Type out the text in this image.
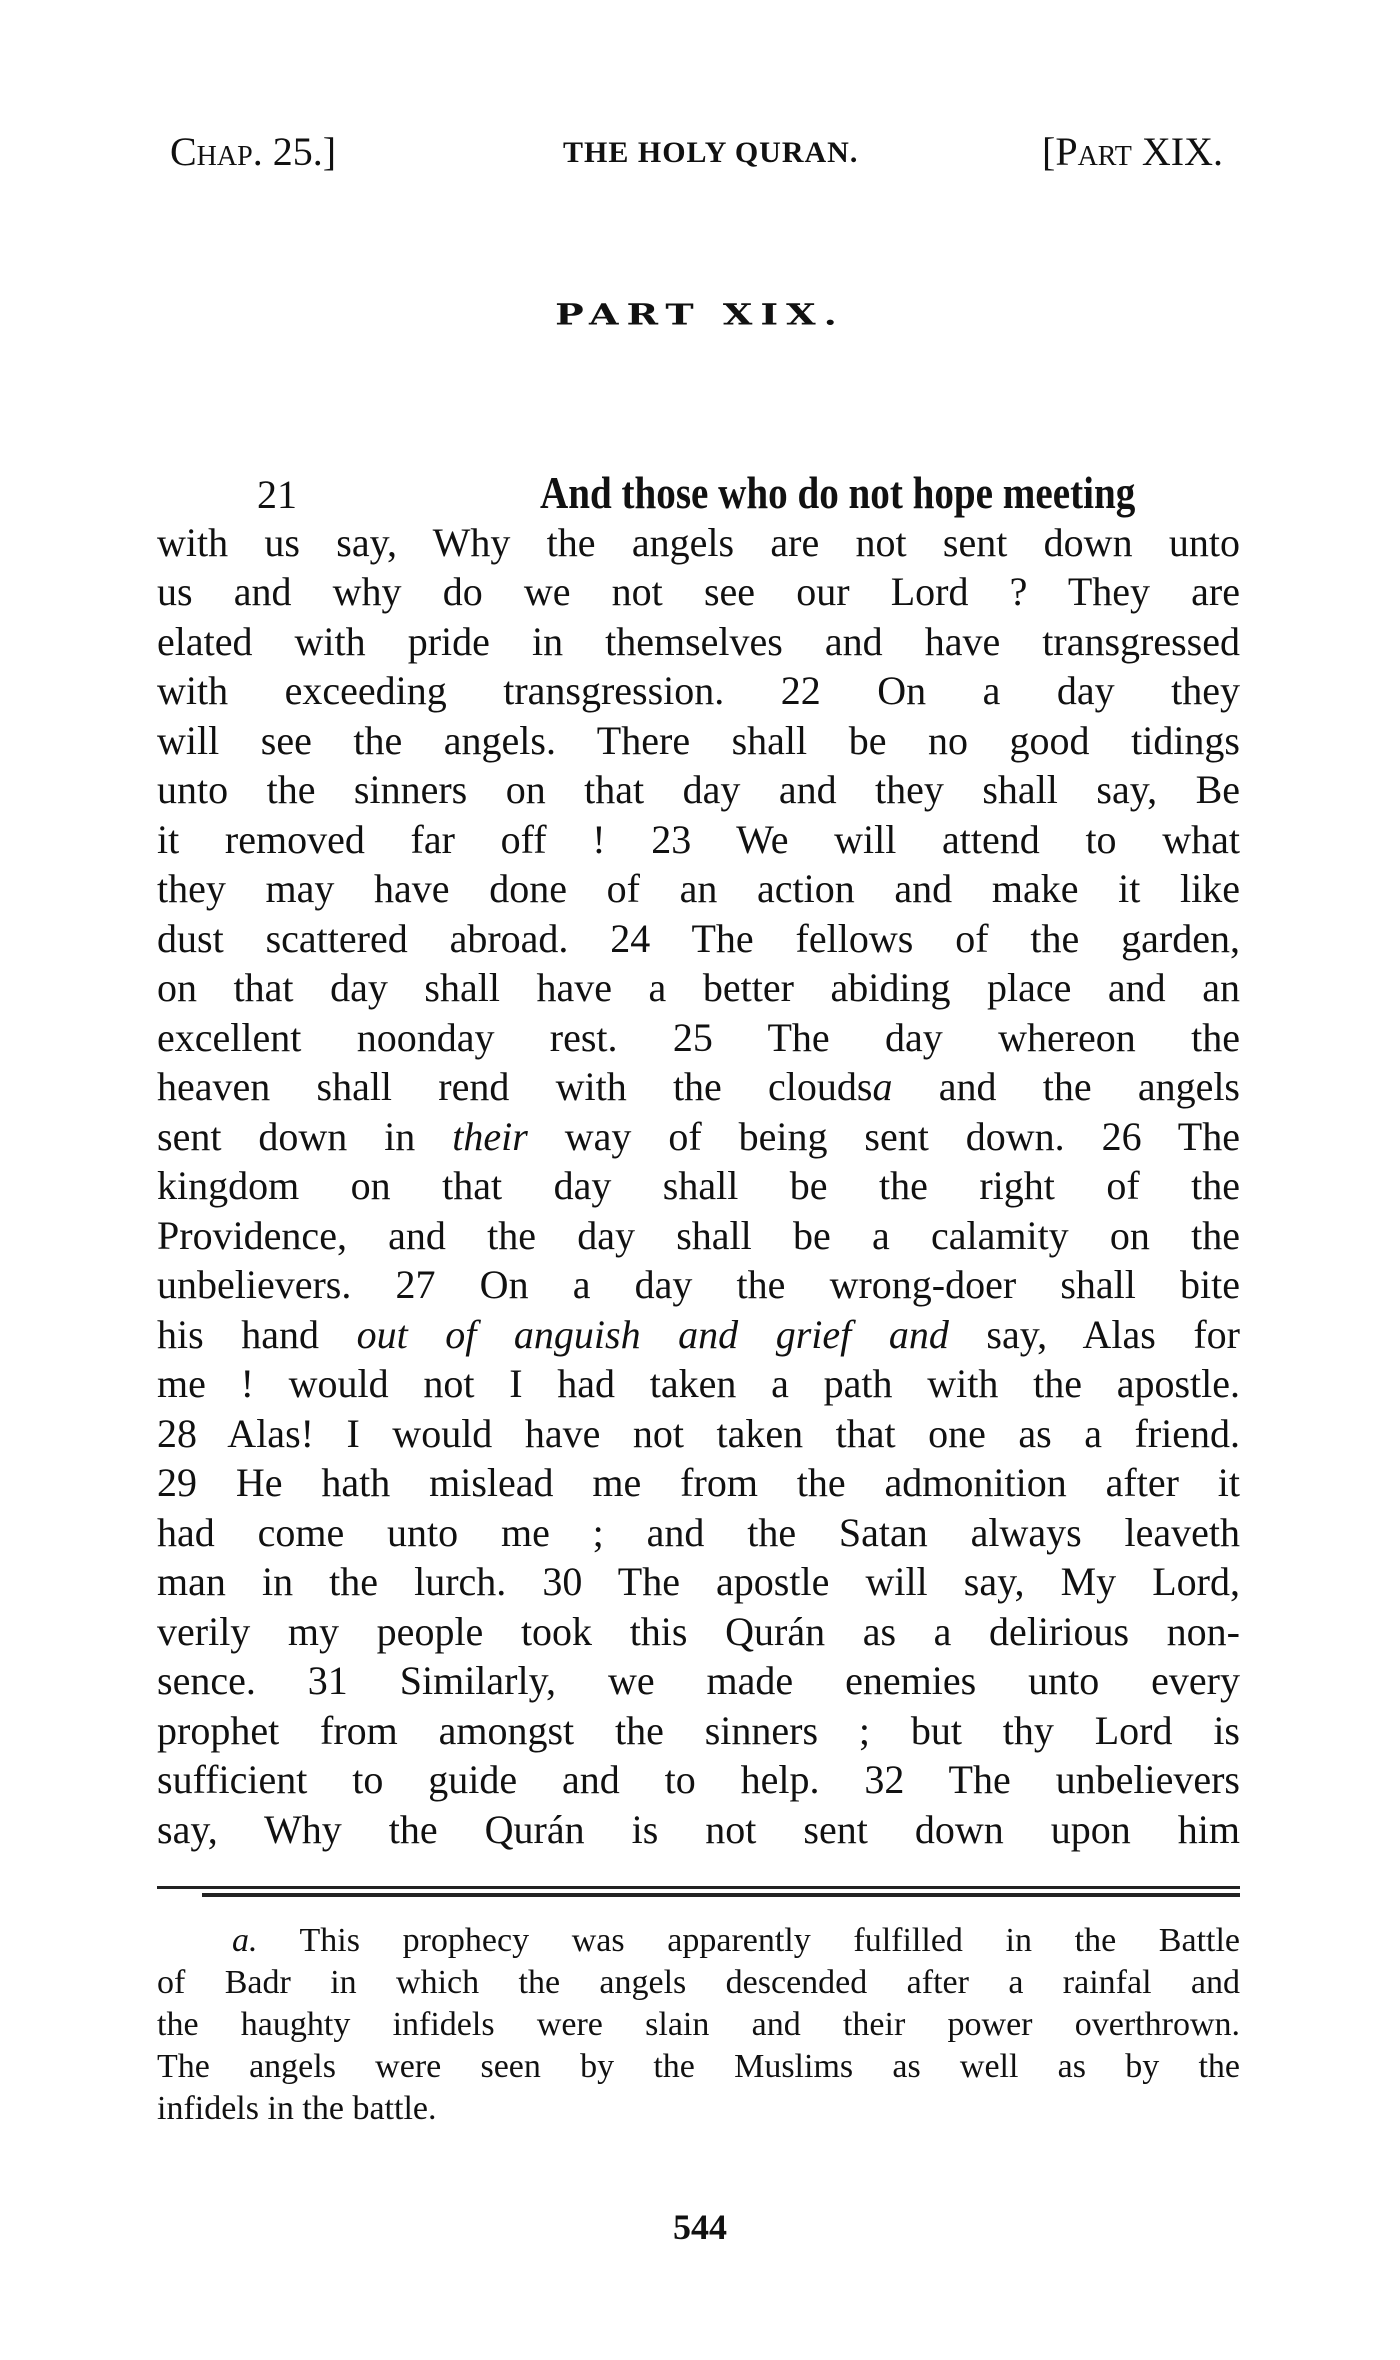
Chap. 25.]	THE HOLY QURAN.	[Part XIX.
PART XIX.
21 And those who do not hope meeting
with us say, Why the angels are not sent down unto
us and why do we not see our Lord ? They are
elated with pride in themselves and have transgressed
with exceeding transgression. 22 On a day they
will see the angels. There shall be no good tidings
unto the sinners on that day and they shall say, Be
it removed far off ! 23 We will attend to what
they may have done of an action and make it like
dust scattered abroad. 24 The fellows of the garden,
on that day shall have a better abiding place and an
excellent noonday rest. 25 The day whereon the
heaven shall rend with the cloudsa and the angels
sent down in their way of being sent down. 26 The
kingdom on that day shall be the right of the
Providence, and the day shall be a calamity on the
unbelievers. 27 On a day the wrong-doer shall bite
his hand out of anguish and grief and say, Alas for
me ! would not I had taken a path with the apostle.
28 Alas! I would have not taken that one as a friend.
29 He hath mislead me from the admonition after it
had come unto me ; and the Satan always leaveth
man in the lurch. 30 The apostle will say, My Lord,
verily my people took this Qurán as a delirious non-
sence. 31 Similarly, we made enemies unto every
prophet from amongst the sinners ; but thy Lord is
sufficient to guide and to help. 32 The unbelievers
say, Why the Qurán is not sent down upon him
a. This prophecy was apparently fulfilled in the Battle
of Badr in which the angels descended after a rainfal and
the haughty infidels were slain and their power overthrown.
The angels were seen by the Muslims as well as by the
infidels in the battle.
544
